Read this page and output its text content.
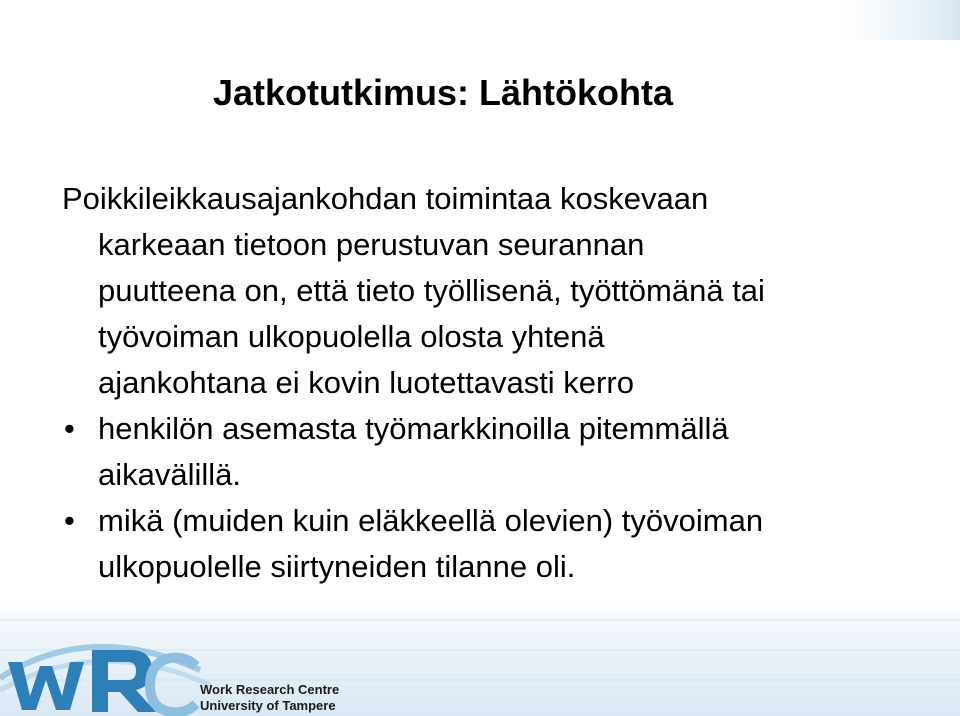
Jatkotutkimus: Lähtökohta
Poikkileikkausajankohdan toimintaa koskevaan
karkeaan tietoon perustuvan seurannan
puutteena on, että tieto työllisenä, työttömänä tai
työvoiman ulkopuolella olosta yhtenä
ajankohtana ei kovin luotettavasti kerro
• henkilön asemasta työmarkkinoilla pitemmällä
aikavälillä.
• mikä (muiden kuin eläkkeellä olevien) työvoiman
ulkopuolelle siirtyneiden tilanne oli.
Work Research Centre
University of Tampere
